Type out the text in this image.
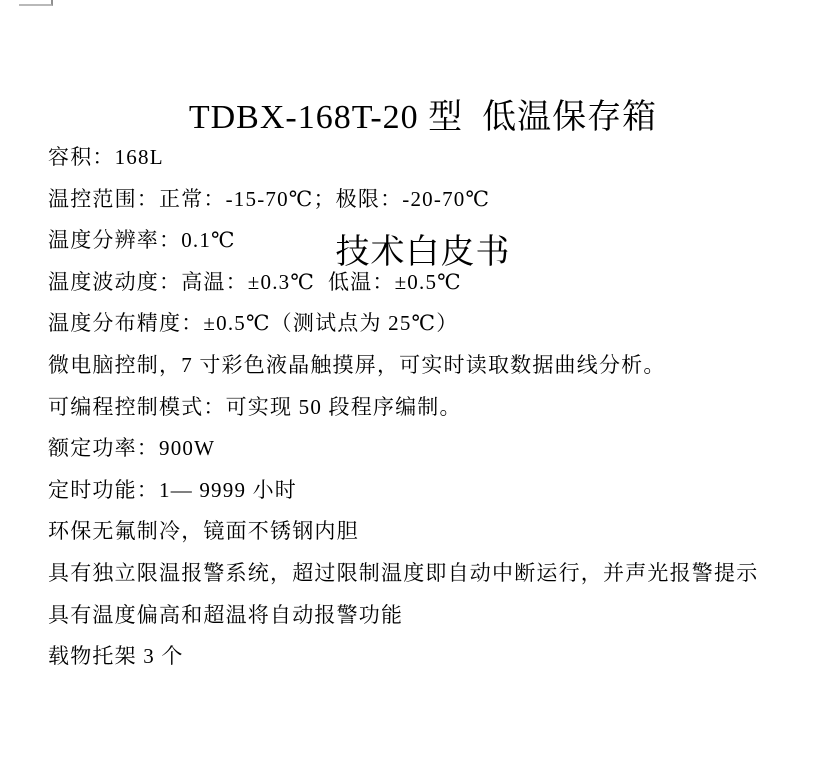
TDBX-168T-20 型  低温保存箱

技术白皮书

容积：168L

温控范围：正常：-15-70℃；极限：-20-70℃

温度分辨率：0.1℃

温度波动度：高温：±0.3℃  低温：±0.5℃

温度分布精度：±0.5℃（测试点为 25℃）

微电脑控制，7 寸彩色液晶触摸屏，可实时读取数据曲线分析。

可编程控制模式：可实现 50 段程序编制。

额定功率：900W

定时功能：1— 9999 小时

环保无氟制冷，镜面不锈钢内胆

具有独立限温报警系统，超过限制温度即自动中断运行，并声光报警提示

具有温度偏高和超温将自动报警功能

载物托架 3 个
